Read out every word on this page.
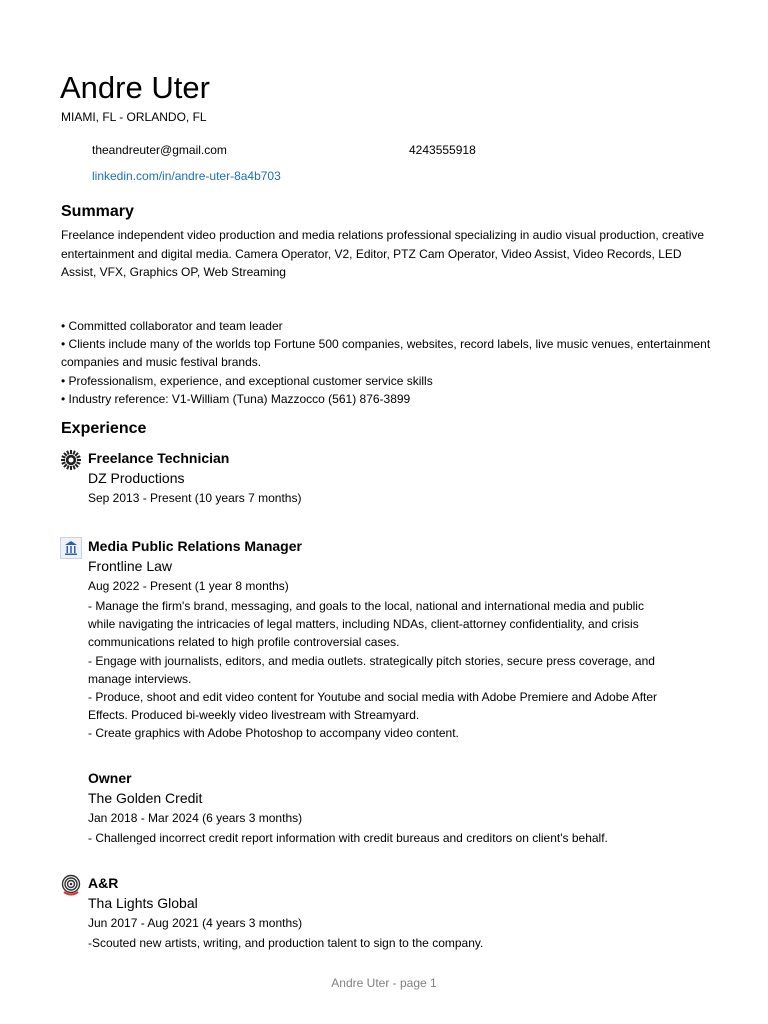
Andre Uter
MIAMI, FL - ORLANDO, FL
theandreuter@gmail.com	4243555918
linkedin.com/in/andre-uter-8a4b703
Summary

Freelance independent video production and media relations professional specializing in audio visual production, creative entertainment and digital media. Camera Operator, V2, Editor, PTZ Cam Operator, Video Assist, Video Records, LED Assist, VFX, Graphics OP, Web Streaming

• Committed collaborator and team leader
• Clients include many of the worlds top Fortune 500 companies, websites, record labels, live music venues, entertainment companies and music festival brands.
• Professionalism, experience, and exceptional customer service skills
• Industry reference: V1-William (Tuna) Mazzocco (561) 876-3899
Experience
Freelance Technician
DZ Productions
Sep 2013 - Present (10 years 7 months)
Media Public Relations Manager
Frontline Law
Aug 2022 - Present (1 year 8 months)
- Manage the firm's brand, messaging, and goals to the local, national and international media and public while navigating the intricacies of legal matters, including NDAs, client-attorney confidentiality, and crisis communications related to high profile controversial cases.
- Engage with journalists, editors, and media outlets. strategically pitch stories, secure press coverage, and manage interviews.
- Produce, shoot and edit video content for Youtube and social media with Adobe Premiere and Adobe After Effects. Produced bi-weekly video livestream with Streamyard.
- Create graphics with Adobe Photoshop to accompany video content.
Owner
The Golden Credit
Jan 2018 - Mar 2024 (6 years 3 months)
- Challenged incorrect credit report information with credit bureaus and creditors on client's behalf.
A&R
Tha Lights Global
Jun 2017 - Aug 2021 (4 years 3 months)
-Scouted new artists, writing, and production talent to sign to the company.
Andre Uter - page 1
